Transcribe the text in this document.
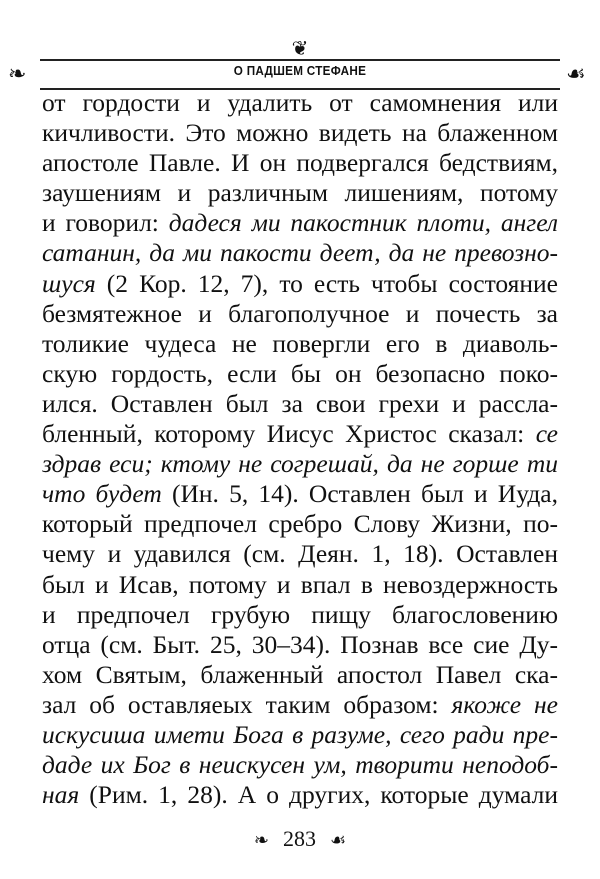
❦
❧	О ПАДШЕМ СТЕФАНЕ	☙
от гордости и удалить от самомнения или
кичливости. Это можно видеть на блаженном
апостоле Павле. И он подвергался бедствиям,
заушениям и различным лишениям, потому
и говорил: дадеся ми пакостник плоти, ангел
сатанин, да ми пакости деет, да не превозно-
шуся (2 Кор. 12, 7), то есть чтобы состояние
безмятежное и благополучное и почесть за
толикие чудеса не повергли его в диаволь-
скую гордость, если бы он безопасно поко-
ился. Оставлен был за свои грехи и рассла-
бленный, которому Иисус Христос сказал: се
здрав еси; ктому не согрешай, да не горше ти
что будет (Ин. 5, 14). Оставлен был и Иуда,
который предпочел сребро Слову Жизни, по-
чему и удавился (см. Деян. 1, 18). Оставлен
был и Исав, потому и впал в невоздержность
и предпочел грубую пищу благословению
отца (см. Быт. 25, 30–34). Познав все сие Ду-
хом Святым, блаженный апостол Павел ска-
зал об оставляеых таким образом: якоже не
искусиша имети Бога в разуме, сего ради пре-
даде их Бог в неискусен ум, творити неподоб-
ная (Рим. 1, 28). А о других, которые думали
❧ 283 ☙
